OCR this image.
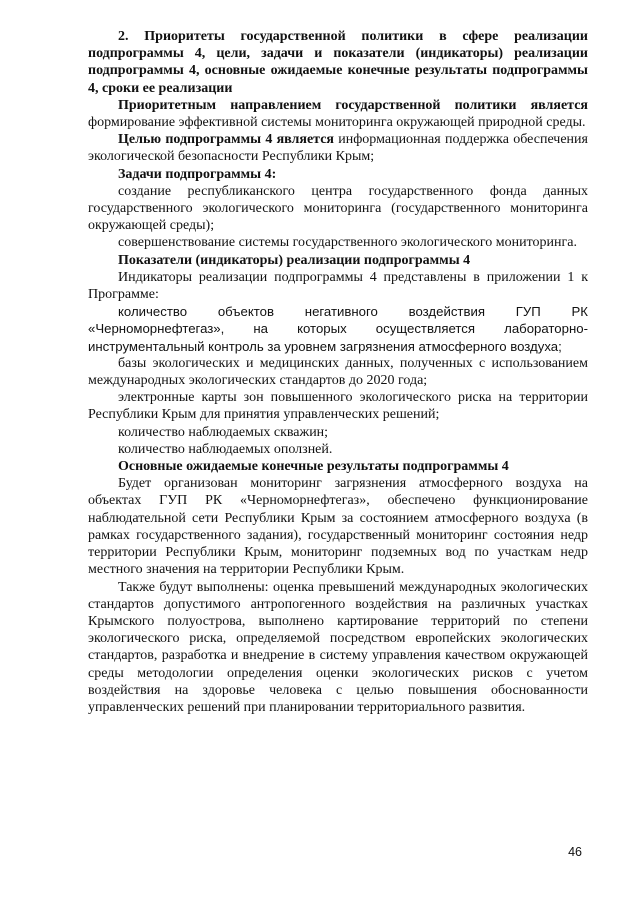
2. Приоритеты государственной политики в сфере реализации подпрограммы 4, цели, задачи и показатели (индикаторы) реализации подпрограммы 4, основные ожидаемые конечные результаты подпрограммы 4, сроки ее реализации

Приоритетным направлением государственной политики является формирование эффективной системы мониторинга окружающей природной среды.

Целью подпрограммы 4 является информационная поддержка обеспечения экологической безопасности Республики Крым;

Задачи подпрограммы 4:

создание республиканского центра государственного фонда данных государственного экологического мониторинга (государственного мониторинга окружающей среды);

совершенствование системы государственного экологического мониторинга.

Показатели (индикаторы) реализации подпрограммы 4

Индикаторы реализации подпрограммы 4 представлены в приложении 1 к Программе:

количество объектов негативного воздействия ГУП РК «Черноморнефтегаз», на которых осуществляется лабораторно-инструментальный контроль за уровнем загрязнения атмосферного воздуха;

базы экологических и медицинских данных, полученных с использованием международных экологических стандартов до 2020 года;

электронные карты зон повышенного экологического риска на территории Республики Крым для принятия управленческих решений;

количество наблюдаемых скважин;

количество наблюдаемых оползней.

Основные ожидаемые конечные результаты подпрограммы 4

Будет организован мониторинг загрязнения атмосферного воздуха на объектах ГУП РК «Черноморнефтегаз», обеспечено функционирование наблюдательной сети Республики Крым за состоянием атмосферного воздуха (в рамках государственного задания), государственный мониторинг состояния недр территории Республики Крым, мониторинг подземных вод по участкам недр местного значения на территории Республики Крым.

Также будут выполнены: оценка превышений международных экологических стандартов допустимого антропогенного воздействия на различных участках Крымского полуострова, выполнено картирование территорий по степени экологического риска, определяемой посредством европейских экологических стандартов, разработка и внедрение в систему управления качеством окружающей среды методологии определения оценки экологических рисков с учетом воздействия на здоровье человека с целью повышения обоснованности управленческих решений при планировании территориального развития.

46
